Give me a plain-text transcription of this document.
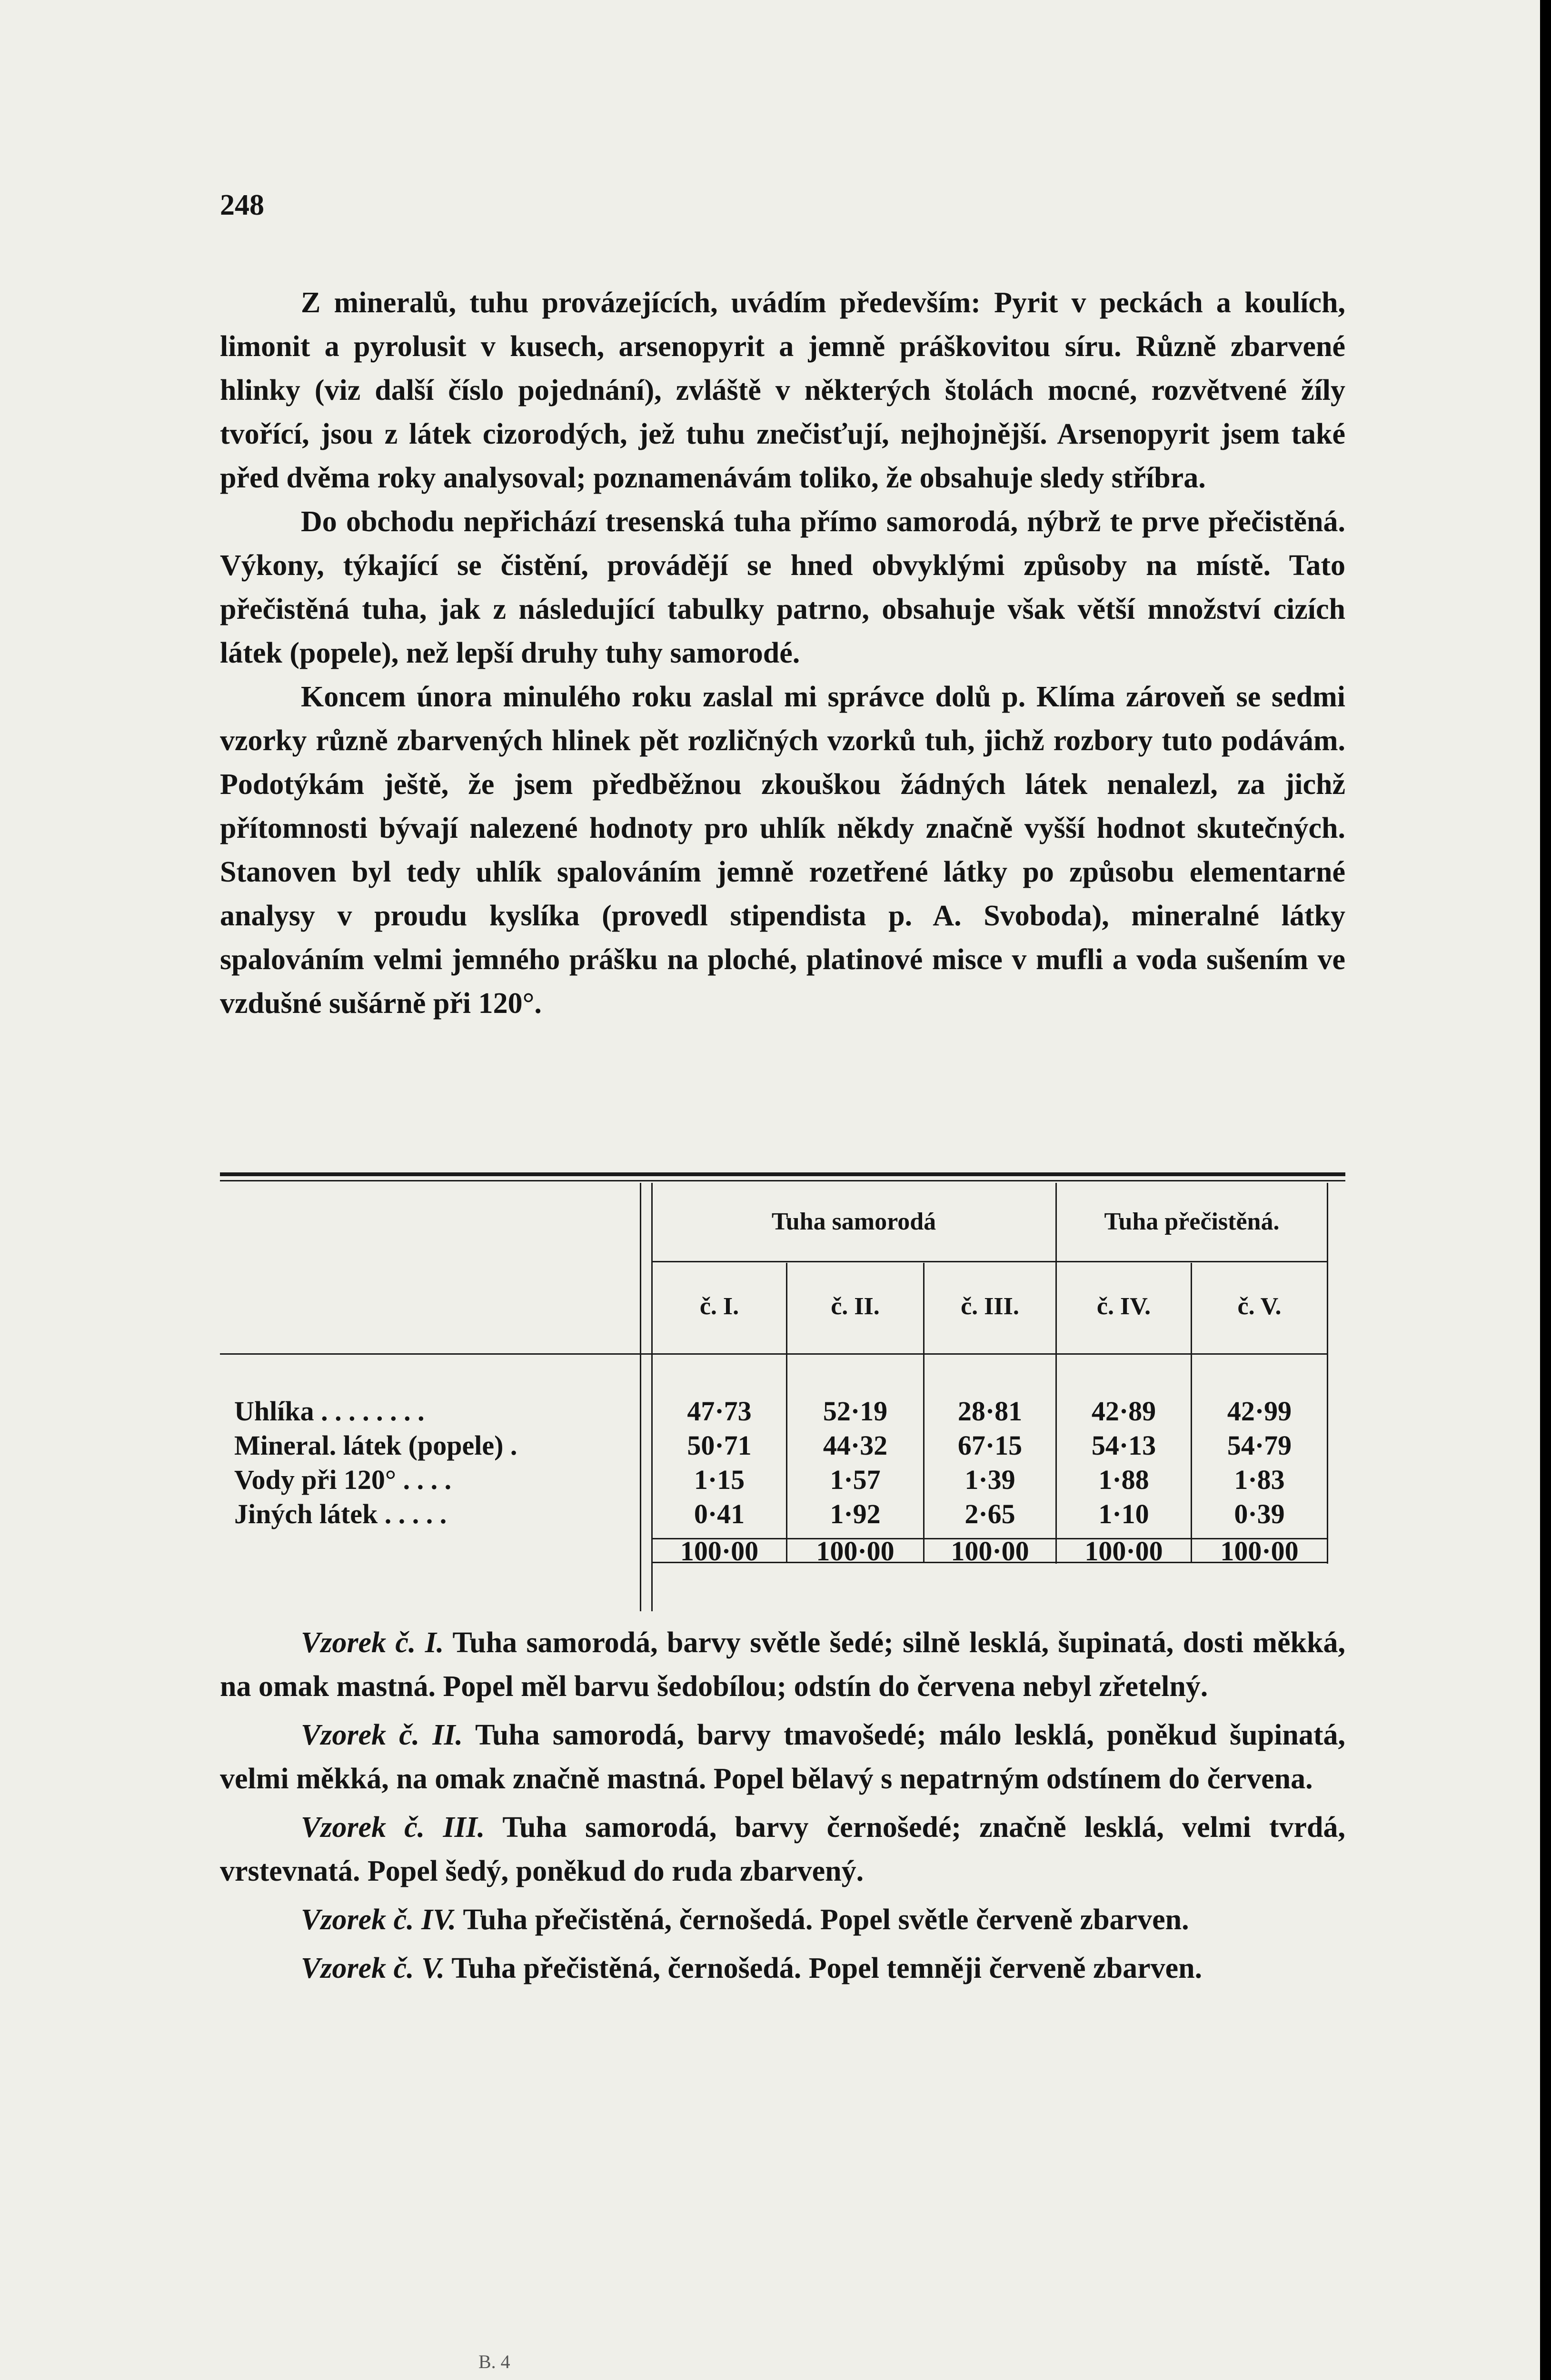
248

Z mineralů, tuhu provázejících, uvádím především: Pyrit v peckách a koulích, limonit a pyrolusit v kusech, arsenopyrit a jemně práškovitou síru. Různě zbarvené hlinky (viz další číslo pojednání), zvláště v některých štolách mocné, rozvětvené žíly tvořící, jsou z látek cizorodých, jež tuhu znečisťují, nejhojnější. Arsenopyrit jsem také před dvěma roky analysoval; poznamenávám toliko, že obsahuje sledy stříbra.

Do obchodu nepřichází tresenská tuha přímo samorodá, nýbrž te prve přečistěná. Výkony, týkající se čistění, provádějí se hned obvyklými způsoby na místě. Tato přečistěná tuha, jak z následující tabulky patrno, obsahuje však větší množství cizích látek (popele), než lepší druhy tuhy samorodé.

Koncem února minulého roku zaslal mi správce dolů p. Klíma zároveň se sedmi vzorky různě zbarvených hlinek pět rozličných vzorků tuh, jichž rozbory tuto podávám. Podotýkám ještě, že jsem předběžnou zkouškou žádných látek nenalezl, za jichž přítomnosti bývají nalezené hodnoty pro uhlík někdy značně vyšší hodnot skutečných. Stanoven byl tedy uhlík spalováním jemně rozetřené látky po způsobu elementarné analysy v proudu kyslíka (provedl stipendista p. A. Svoboda), mineralné látky spalováním velmi jemného prášku na ploché, platinové misce v mufli a voda sušením ve vzdušné sušárně při 120°.

Tuha samorodá	Tuha přečistěná.
č. I.	č. II.	č. III.	č. IV.	č. V.
Uhlíka . . . . . . . .	47·73	52·19	28·81	42·89	42·99
Mineral. látek (popele) .	50·71	44·32	67·15	54·13	54·79
Vody při 120° . . . .	1·15	1·57	1·39	1·88	1·83
Jiných látek . . . . .	0·41	1·92	2·65	1·10	0·39
100·00	100·00	100·00	100·00	100·00

Vzorek č. I. Tuha samorodá, barvy světle šedé; silně lesklá, šupinatá, dosti měkká, na omak mastná. Popel měl barvu šedobílou; odstín do červena nebyl zřetelný.

Vzorek č. II. Tuha samorodá, barvy tmavošedé; málo lesklá, poněkud šupinatá, velmi měkká, na omak značně mastná. Popel bělavý s nepatrným odstínem do červena.

Vzorek č. III. Tuha samorodá, barvy černošedé; značně lesklá, velmi tvrdá, vrstevnatá. Popel šedý, poněkud do ruda zbarvený.

Vzorek č. IV. Tuha přečistěná, černošedá. Popel světle červeně zbarven.

Vzorek č. V. Tuha přečistěná, černošedá. Popel temněji červeně zbarven.

B. 4
